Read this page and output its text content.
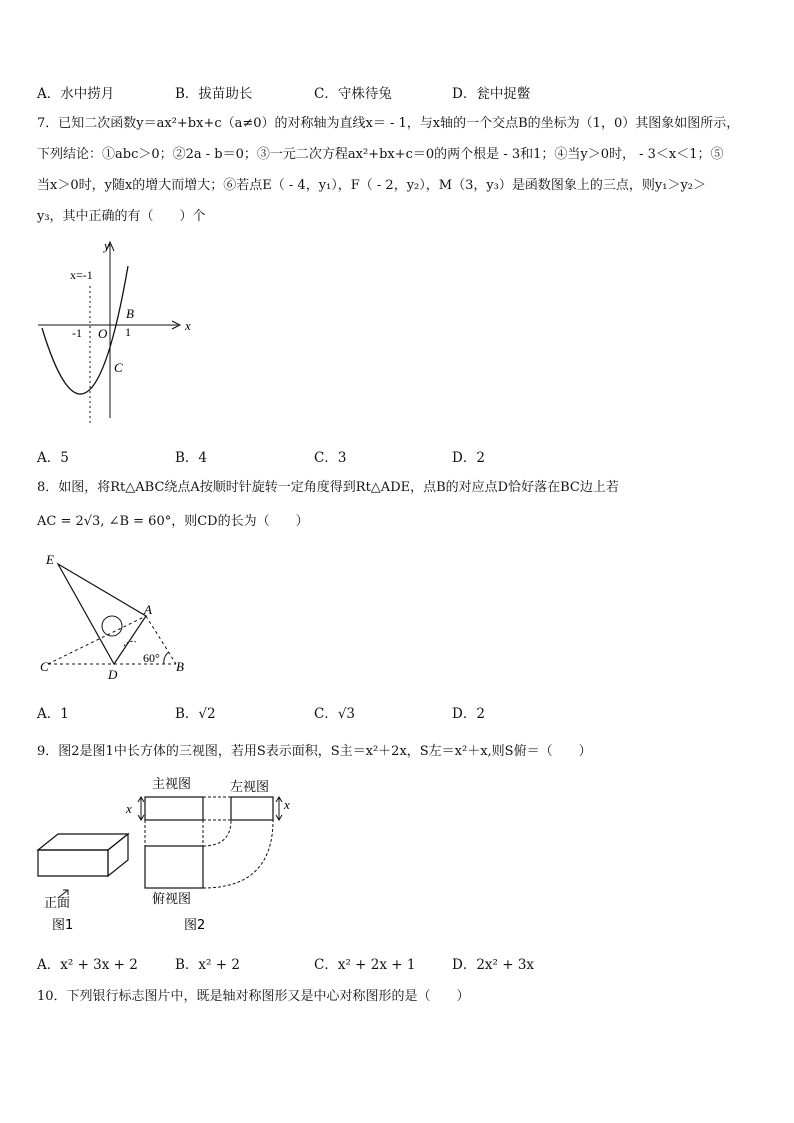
A．水中捞月	B．拔苗助长	C．守株待兔	D．瓮中捉鳖
7．已知二次函数y＝ax²+bx+c（a≠0）的对称轴为直线x＝ - 1，与x轴的一个交点B的坐标为（1，0）其图象如图所示，
下列结论：①abc＞0；②2a - b＝0；③一元二次方程ax²+bx+c＝0的两个根是 - 3和1；④当y＞0时， - 3＜x＜1；⑤
当x＞0时，y随x的增大而增大；⑥若点E（ - 4，y₁），F（ - 2，y₂），M（3，y₃）是函数图象上的三点，则y₁＞y₂＞
y₃，其中正确的有（　　）个
y
x
x=-1
-1 O 1
B
C
A．5	B．4	C．3	D．2
8．如图，将Rt△ABC绕点A按顺时针旋转一定角度得到Rt△ADE，点B的对应点D恰好落在BC边上若
AC = 2√3, ∠B = 60°，则CD的长为（　　）
E
A
C
D
B
60°
A．1	B．√2	C．√3	D．2
9．图2是图1中长方体的三视图，若用S表示面积，S主＝x²＋2x，S左＝x²＋x,则S俯＝（　　）
正面
图1
主视图
x
左视图
x
俯视图
图2
A．x² + 3x + 2	B．x² + 2	C．x² + 2x + 1	D．2x² + 3x
10．下列银行标志图片中，既是轴对称图形又是中心对称图形的是（　　）
